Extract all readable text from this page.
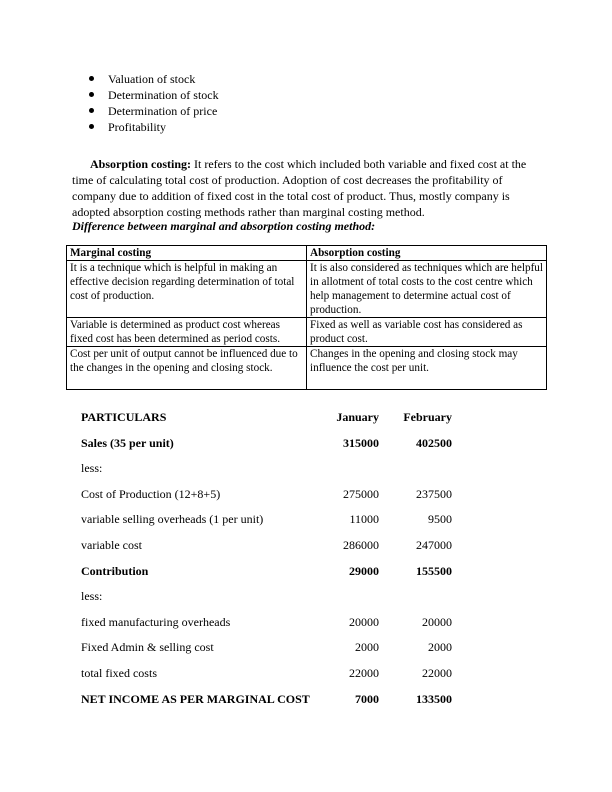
Valuation of stock
Determination of stock
Determination of price
Profitability

Absorption costing: It refers to the cost which included both variable and fixed cost at the time of calculating total cost of production. Adoption of cost decreases the profitability of company due to addition of fixed cost in the total cost of product. Thus, mostly company is adopted absorption costing methods rather than marginal costing method.

Difference between marginal and absorption costing method:
Marginal costing	Absorption costing
It is a technique which is helpful in making an effective decision regarding determination of total cost of production.	It is also considered as techniques which are helpful in allotment of total costs to the cost centre which help management to determine actual cost of production.
Variable is determined as product cost whereas fixed cost has been determined as period costs.	Fixed as well as variable cost has considered as product cost.
Cost per unit of output cannot be influenced due to the changes in the opening and closing stock.	Changes in the opening and closing stock may influence the cost per unit.
PARTICULARS	January February
Sales (35 per unit)	315000	402500
less:
Cost of Production (12+8+5)	275000	237500
variable selling overheads (1 per unit)	11000	9500
variable cost	286000	247000
Contribution	29000	155500
less:
fixed manufacturing overheads	20000	20000
Fixed Admin & selling cost	2000	2000
total fixed costs	22000	22000
NET INCOME AS PER MARGINAL COST	7000	133500
